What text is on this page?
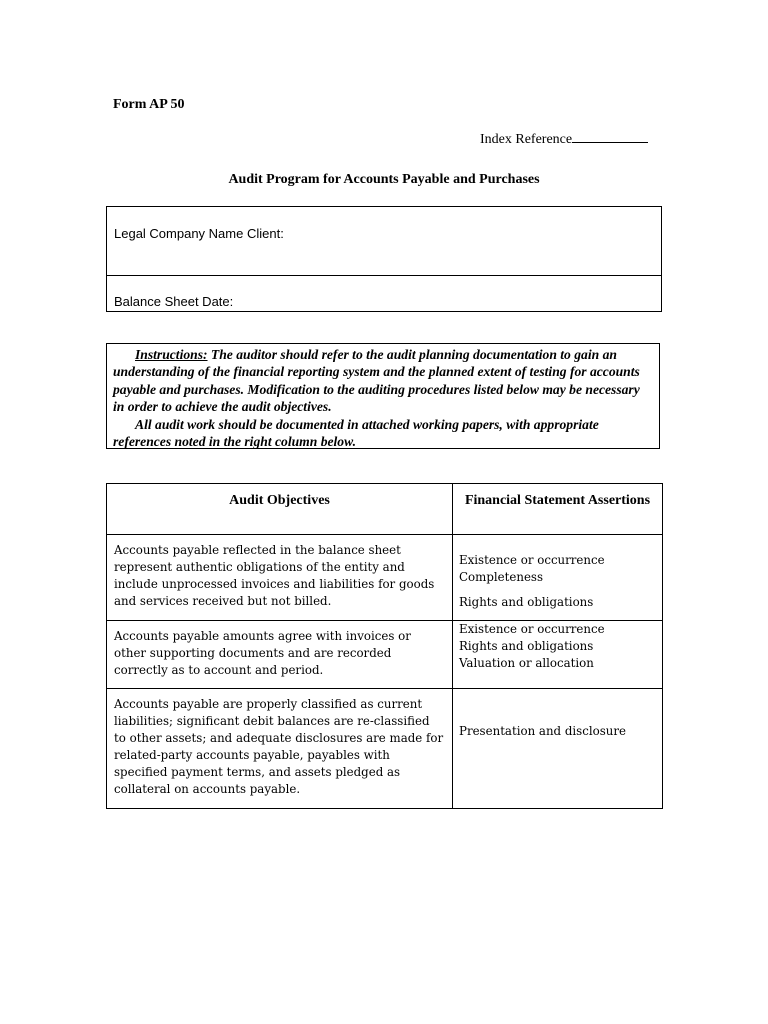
Form AP 50
Index Reference
Audit Program for Accounts Payable and Purchases
Legal Company Name Client:
Balance Sheet Date:

Instructions: The auditor should refer to the audit planning documentation to gain an understanding of the financial reporting system and the planned extent of testing for accounts payable and purchases. Modification to the auditing procedures listed below may be necessary in order to achieve the audit objectives.

All audit work should be documented in attached working papers, with appropriate references noted in the right column below.

Audit Objectives	Financial Statement Assertions
Accounts payable reflected in the balance sheet represent authentic obligations of the entity and include unprocessed invoices and liabilities for goods and services received but not billed.	Existence or occurrence
Completeness
Rights and obligations

Accounts payable amounts agree with invoices or other supporting documents and are recorded correctly as to account and period.	Existence or occurrence
Rights and obligations
Valuation or allocation

Accounts payable are properly classified as current liabilities; significant debit balances are re-classified to other assets; and adequate disclosures are made for related-party accounts payable, payables with specified payment terms, and assets pledged as collateral on accounts payable.	Presentation and disclosure
